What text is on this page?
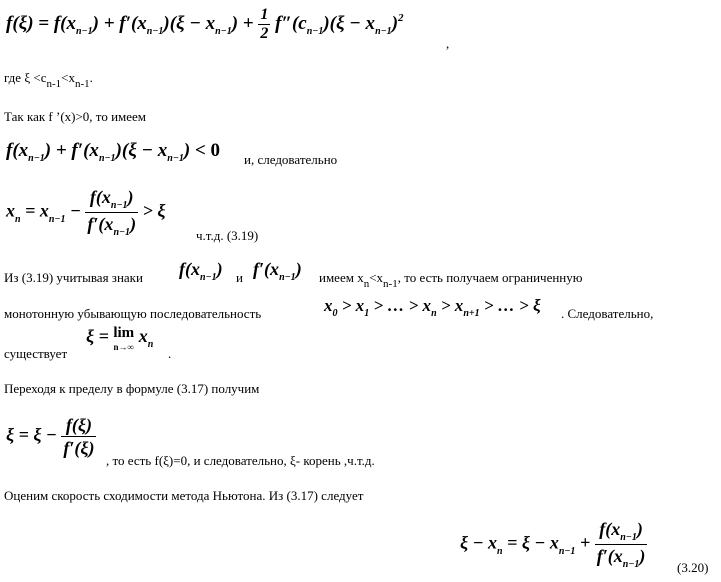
$f(\xi) = f(x_{n-1}) + f'(x_{n-1})(\xi - x_{n-1}) + \frac{1}{2} f''(c_{n-1})(\xi - x_{n-1})^2$
,
где $\xi <c_{n-1}<x_{n-1}$.
Так как f ’(x)>0, то имеем
$f(x_{n-1}) + f'(x_{n-1})(\xi - x_{n-1}) < 0$ и, следовательно
$x_n = x_{n-1} - \frac{f(x_{n-1})}{f'(x_{n-1})} > \xi$
ч.т.д. (3.19)
Из (3.19) учитывая знаки $f(x_{n-1})$ и $f'(x_{n-1})$ имеем $x_n<x_{n-1}$, то есть получаем ограниченную
монотонную убывающую последовательность	$x_0 > x_1$ > … > $x_n > x_{n+1}$ > … > ξ . Следовательно,
существует
ξ = lim
n→∞
$x_n$
.
Переходя к пределу в формуле (3.17) получим
$\xi = \xi - \frac{f(\xi)}{f'(\xi)}$
, то есть f(ξ)=0, и следовательно, ξ- корень ,ч.т.д.
Оценим скорость сходимости метода Ньютона. Из (3.17) следует
$\xi - x_n = \xi - x_{n-1} + \frac{f(x_{n-1})}{f'(x_{n-1})} (3.20)$
